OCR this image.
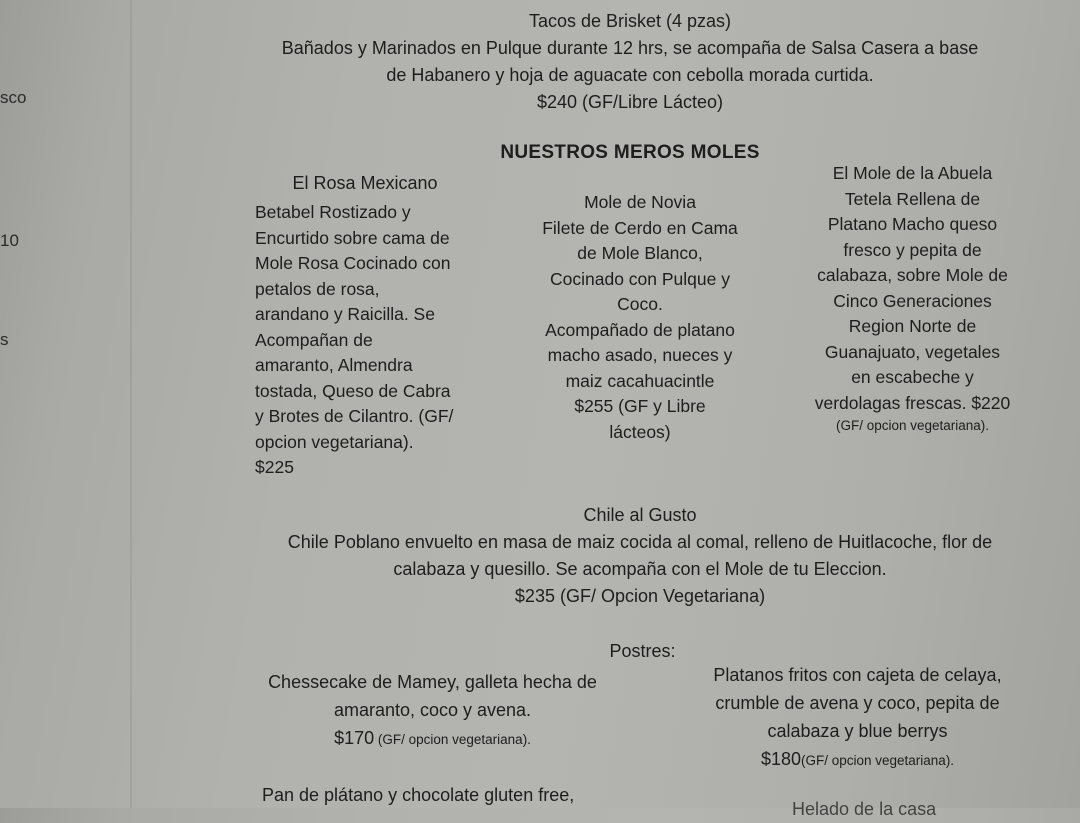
sco
10
s
Tacos de Brisket (4 pzas)
Bañados y Marinados en Pulque durante 12 hrs, se acompaña de Salsa Casera a base
de Habanero y hoja de aguacate con cebolla morada curtida.
$240 (GF/Libre Lácteo)
NUESTROS MEROS MOLES
El Rosa Mexicano
Betabel Rostizado y
Encurtido sobre cama de
Mole Rosa Cocinado con
petalos de rosa,
arandano y Raicilla. Se
Acompañan de
amaranto, Almendra
tostada, Queso de Cabra
y Brotes de Cilantro. (GF/
opcion vegetariana).
$225
Mole de Novia
Filete de Cerdo en Cama
de Mole Blanco,
Cocinado con Pulque y
Coco.
Acompañado de platano
macho asado, nueces y
maiz cacahuacintle
$255 (GF y Libre
lácteos)
El Mole de la Abuela
Tetela Rellena de
Platano Macho queso
fresco y pepita de
calabaza, sobre Mole de
Cinco Generaciones
Region Norte de
Guanajuato, vegetales
en escabeche y
verdolagas frescas. $220
(GF/ opcion vegetariana).
Chile al Gusto
Chile Poblano envuelto en masa de maiz cocida al comal, relleno de Huitlacoche, flor de
calabaza y quesillo. Se acompaña con el Mole de tu Eleccion.
$235 (GF/ Opcion Vegetariana)
Postres:
Chessecake de Mamey, galleta hecha de
amaranto, coco y avena.
$170 (GF/ opcion vegetariana).
Platanos fritos con cajeta de celaya,
crumble de avena y coco, pepita de
calabaza y blue berrys
$180(GF/ opcion vegetariana).
Pan de plátano y chocolate gluten free,
Helado de la casa
